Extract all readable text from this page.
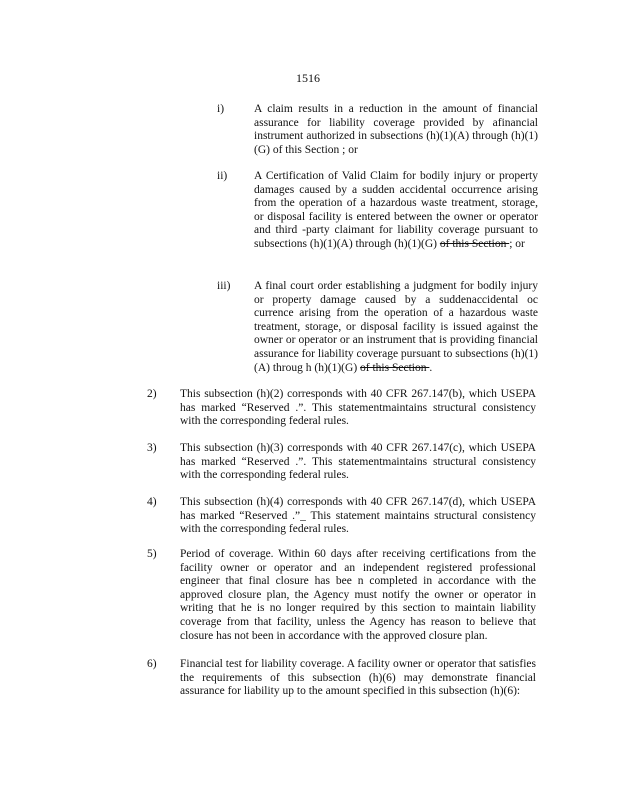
1516
i)	A claim results in a reduction in the amount of financial assurance for liability coverage provided by afinancial instrument authorized in subsections (h)(1)(A) through (h)(1)(G) of this Section ; or
ii) A Certification of Valid Claim for bodily injury or property damages caused by a sudden accidental occurrence arising from the operation of a hazardous waste treatment, storage, or disposal facility is entered between the owner or operator and third -party claimant for liability coverage pursuant to subsections (h)(1)(A) through (h)(1)(G) of this Section ; or
iii) A final court order establishing a judgment for bodily injury or property damage caused by a suddenaccidental oc currence arising from the operation of a hazardous waste treatment, storage, or disposal facility is issued against the owner or operator or an instrument that is providing financial assurance for liability coverage pursuant to subsections (h)(1)(A) throug h (h)(1)(G) of this Section .
2) This subsection (h)(2) corresponds with 40 CFR 267.147(b), which USEPA has marked “Reserved .”. This statementmaintains structural consistency with the corresponding federal rules.
3) This subsection (h)(3) corresponds with 40 CFR 267.147(c), which USEPA has marked “Reserved .”. This statementmaintains structural consistency with the corresponding federal rules.
4) This subsection (h)(4) corresponds with 40 CFR 267.147(d), which USEPA has marked “Reserved .”_ This statement maintains structural consistency with the corresponding federal rules.
5) Period of coverage. Within 60 days after receiving certifications from the facility owner or operator and an independent registered professional engineer that final closure has bee n completed in accordance with the approved closure plan, the Agency must notify the owner or operator in writing that he is no longer required by this section to maintain liability coverage from that facility, unless the Agency has reason to believe that closure has not been in accordance with the approved closure plan.
6) Financial test for liability coverage. A facility owner or operator that satisfies the requirements of this subsection (h)(6) may demonstrate financial assurance for liability up to the amount specified in this subsection (h)(6):
